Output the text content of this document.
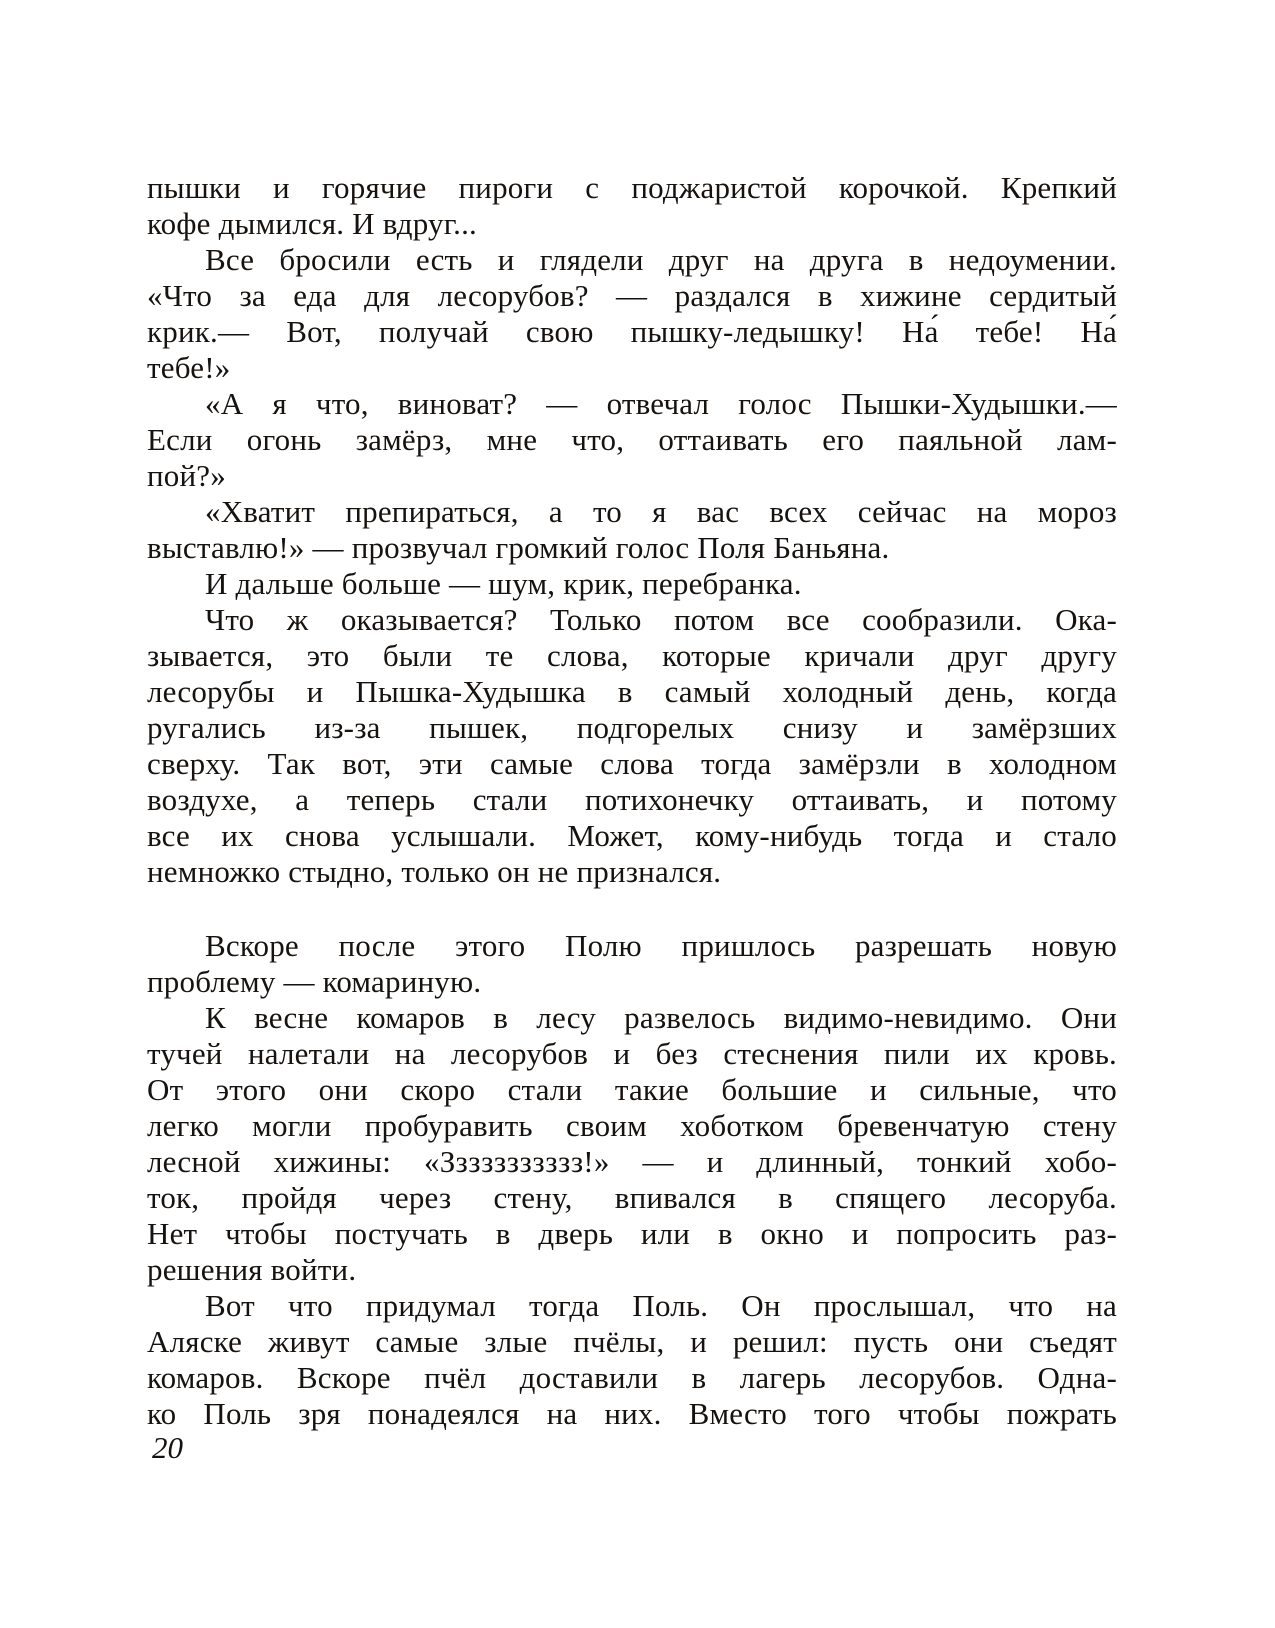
пышки и горячие пироги с поджаристой корочкой. Крепкий
кофе дымился. И вдруг...
Все бросили есть и глядели друг на друга в недоумении.
«Что за еда для лесорубов? — раздался в хижине сердитый
крик.— Вот, получай свою пышку-ледышку! На́ тебе! На́
тебе!»
«А я что, виноват? — отвечал голос Пышки-Худышки.—
Если огонь замёрз, мне что, оттаивать его паяльной лам-
пой?»
«Хватит препираться, а то я вас всех сейчас на мороз
выставлю!» — прозвучал громкий голос Поля Баньяна.
И дальше больше — шум, крик, перебранка.
Что ж оказывается? Только потом все сообразили. Ока-
зывается, это были те слова, которые кричали друг другу
лесорубы и Пышка-Худышка в самый холодный день, когда
ругались из-за пышек, подгорелых снизу и замёрзших
сверху. Так вот, эти самые слова тогда замёрзли в холодном
воздухе, а теперь стали потихонечку оттаивать, и потому
все их снова услышали. Может, кому-нибудь тогда и стало
немножко стыдно, только он не признался.
Вскоре после этого Полю пришлось разрешать новую
проблему — комариную.
К весне комаров в лесу развелось видимо-невидимо. Они
тучей налетали на лесорубов и без стеснения пили их кровь.
От этого они скоро стали такие большие и сильные, что
легко могли пробуравить своим хоботком бревенчатую стену
лесной хижины: «Ззззззззззз!» — и длинный, тонкий хобо-
ток, пройдя через стену, впивался в спящего лесоруба.
Нет чтобы постучать в дверь или в окно и попросить раз-
решения войти.
Вот что придумал тогда Поль. Он прослышал, что на
Аляске живут самые злые пчёлы, и решил: пусть они съедят
комаров. Вскоре пчёл доставили в лагерь лесорубов. Одна-
ко Поль зря понадеялся на них. Вместо того чтобы пожрать
20
